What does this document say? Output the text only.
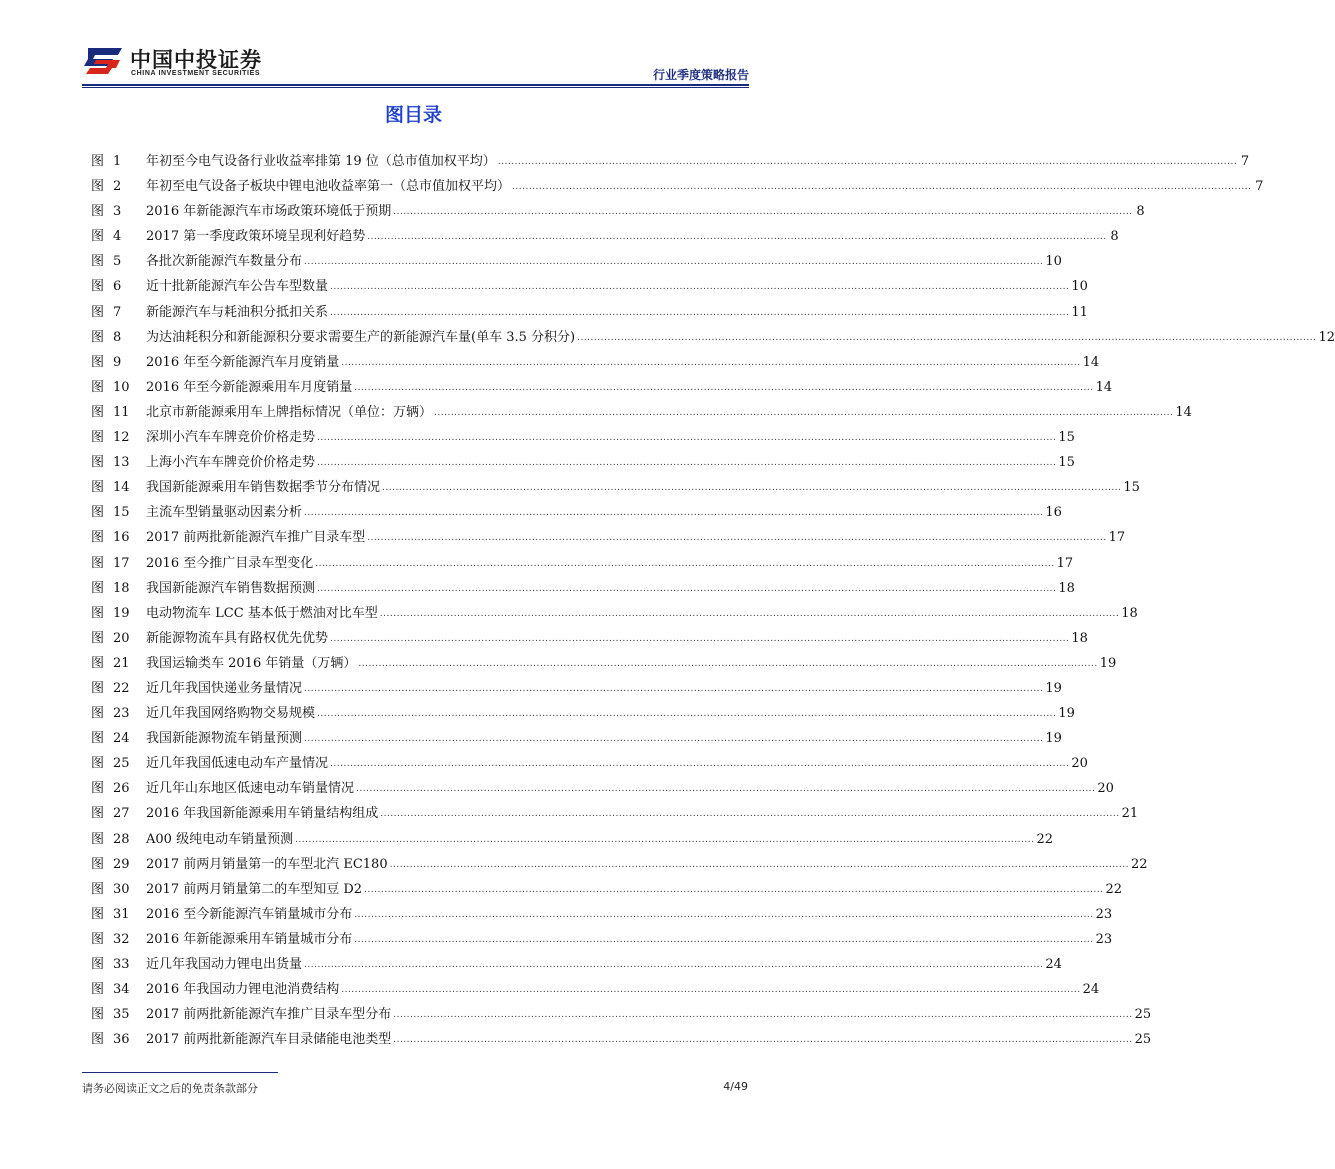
中国中投证券
CHINA INVESTMENT SECURITIES	行业季度策略报告
图目录
图 1	年初至今电气设备行业收益率排第 19 位（总市值加权平均） ............................................................................................................................................................................................................................ 7
图 2	年初至电气设备子板块中锂电池收益率第一（总市值加权平均） ............................................................................................................................................................................................................................ 7
图 3	2016 年新能源汽车市场政策环境低于预期 ............................................................................................................................................................................................................................ 8
图 4	2017 第一季度政策环境呈现利好趋势 ............................................................................................................................................................................................................................ 8
图 5	各批次新能源汽车数量分布 ............................................................................................................................................................................................................................ 10
图 6	近十批新能源汽车公告车型数量 ............................................................................................................................................................................................................................ 10
图 7	新能源汽车与耗油积分抵扣关系 ............................................................................................................................................................................................................................ 11
图 8	为达油耗积分和新能源积分要求需要生产的新能源汽车量(单车 3.5 分积分) ............................................................................................................................................................................................................................ 12
图 9	2016 年至今新能源汽车月度销量 ............................................................................................................................................................................................................................ 14
图 10	2016 年至今新能源乘用车月度销量 ............................................................................................................................................................................................................................ 14
图 11	北京市新能源乘用车上牌指标情况（单位：万辆） ............................................................................................................................................................................................................................ 14
图 12	深圳小汽车车牌竞价价格走势 ............................................................................................................................................................................................................................ 15
图 13	上海小汽车车牌竞价价格走势 ............................................................................................................................................................................................................................ 15
图 14	我国新能源乘用车销售数据季节分布情况 ............................................................................................................................................................................................................................ 15
图 15	主流车型销量驱动因素分析 ............................................................................................................................................................................................................................ 16
图 16	2017 前两批新能源汽车推广目录车型 ............................................................................................................................................................................................................................ 17
图 17	2016 至今推广目录车型变化 ............................................................................................................................................................................................................................ 17
图 18	我国新能源汽车销售数据预测 ............................................................................................................................................................................................................................ 18
图 19	电动物流车 LCC 基本低于燃油对比车型 ............................................................................................................................................................................................................................ 18
图 20	新能源物流车具有路权优先优势 ............................................................................................................................................................................................................................ 18
图 21	我国运输类车 2016 年销量（万辆） ............................................................................................................................................................................................................................ 19
图 22	近几年我国快递业务量情况 ............................................................................................................................................................................................................................ 19
图 23	近几年我国网络购物交易规模 ............................................................................................................................................................................................................................ 19
图 24	我国新能源物流车销量预测 ............................................................................................................................................................................................................................ 19
图 25	近几年我国低速电动车产量情况 ............................................................................................................................................................................................................................ 20
图 26	近几年山东地区低速电动车销量情况 ............................................................................................................................................................................................................................ 20
图 27	2016 年我国新能源乘用车销量结构组成 ............................................................................................................................................................................................................................ 21
图 28	A00 级纯电动车销量预测 ............................................................................................................................................................................................................................ 22
图 29	2017 前两月销量第一的车型北汽 EC180 ............................................................................................................................................................................................................................ 22
图 30	2017 前两月销量第二的车型知豆 D2 ............................................................................................................................................................................................................................ 22
图 31	2016 至今新能源汽车销量城市分布 ............................................................................................................................................................................................................................ 23
图 32	2016 年新能源乘用车销量城市分布 ............................................................................................................................................................................................................................ 23
图 33	近几年我国动力锂电出货量 ............................................................................................................................................................................................................................ 24
图 34	2016 年我国动力锂电池消费结构 ............................................................................................................................................................................................................................ 24
图 35	2017 前两批新能源汽车推广目录车型分布 ............................................................................................................................................................................................................................ 25
图 36	2017 前两批新能源汽车目录储能电池类型 ............................................................................................................................................................................................................................ 25
请务必阅读正文之后的免责条款部分	4/49
